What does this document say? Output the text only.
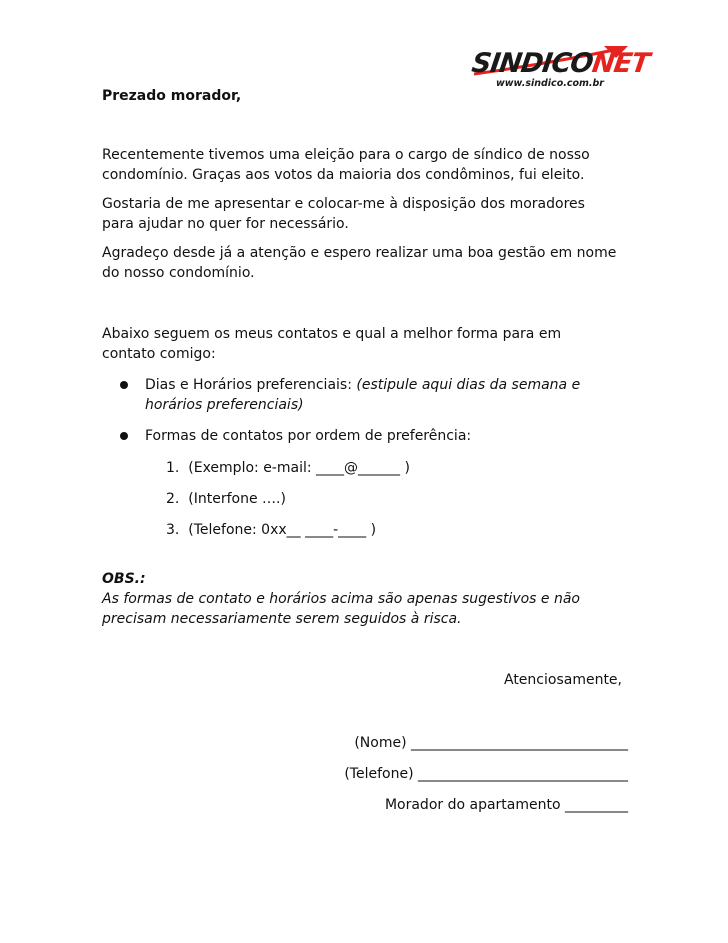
SINDICONET
www.sindico.com.br
Prezado morador,
Recentemente tivemos uma eleição para o cargo de síndico de nosso
condomínio. Graças aos votos da maioria dos condôminos, fui eleito.
Gostaria de me apresentar e colocar-me à disposição dos moradores
para ajudar no quer for necessário.
Agradeço desde já a atenção e espero realizar uma boa gestão em nome
do nosso condomínio.
Abaixo seguem os meus contatos e qual a melhor forma para em
contato comigo:
Dias e Horários preferenciais: (estipule aqui dias da semana e
horários preferenciais)
Formas de contatos por ordem de preferência:
1. (Exemplo: e-mail: ____@______ )
2. (Interfone ….)
3. (Telefone: 0xx__ ____-____ )
OBS.:
As formas de contato e horários acima são apenas sugestivos e não
precisam necessariamente serem seguidos à risca.
Atenciosamente,
(Nome) _______________________________
(Telefone) ______________________________
Morador do apartamento _________
